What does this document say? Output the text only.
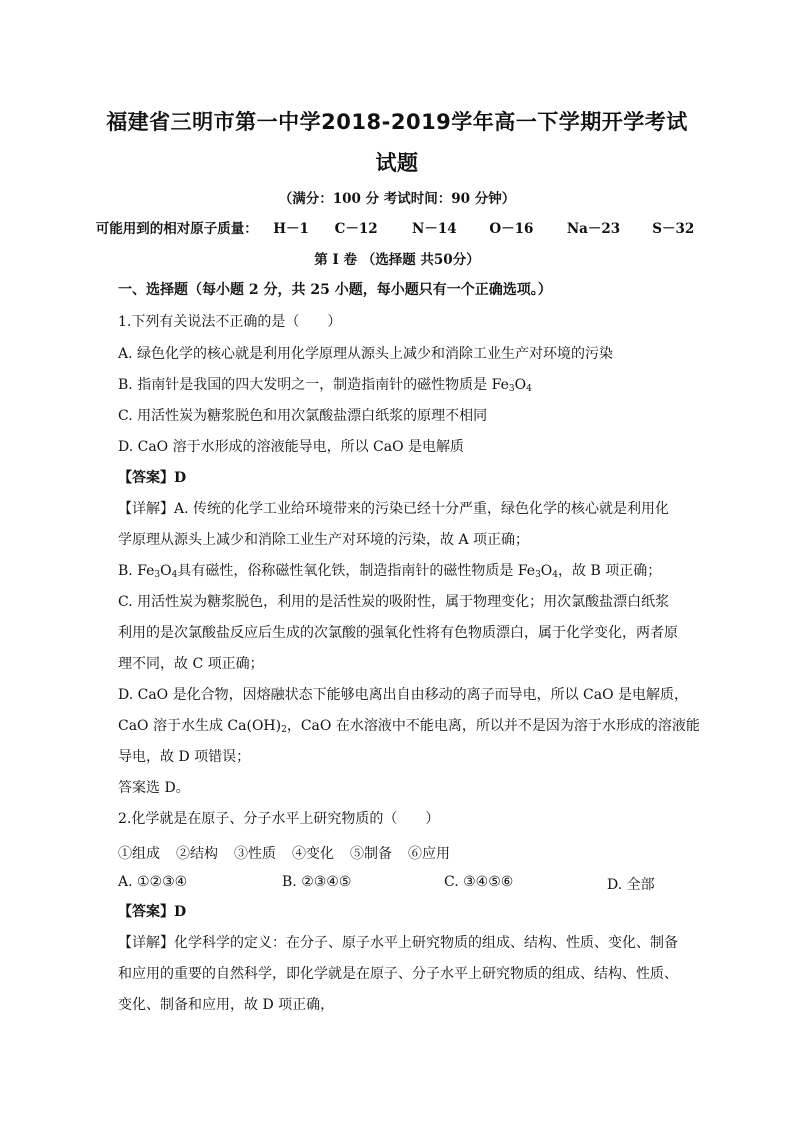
福建省三明市第一中学2018-2019学年高一下学期开学考试
试题
（满分：100 分 考试时间：90 分钟）
可能用到的相对原子质量： H－1 C－12	N－14 O－16 Na－23 S－32
第 I 卷 （选择题 共50分）
一、选择题（每小题 2 分，共 25 小题，每小题只有一个正确选项。）
1.下列有关说法不正确的是（　　）
A. 绿色化学的核心就是利用化学原理从源头上减少和消除工业生产对环境的污染
B. 指南针是我国的四大发明之一，制造指南针的磁性物质是 $Fe_3O_4$
C. 用活性炭为糖浆脱色和用次氯酸盐漂白纸浆的原理不相同
D. CaO 溶于水形成的溶液能导电，所以 CaO 是电解质
【答案】D
【详解】A. 传统的化学工业给环境带来的污染已经十分严重，绿色化学的核心就是利用化
学原理从源头上减少和消除工业生产对环境的污染，故 A 项正确；
B. $Fe_3O_4$具有磁性，俗称磁性氧化铁，制造指南针的磁性物质是 $Fe_3O_4$，故 B 项正确；
C. 用活性炭为糖浆脱色，利用的是活性炭的吸附性，属于物理变化；用次氯酸盐漂白纸浆
利用的是次氯酸盐反应后生成的次氯酸的强氧化性将有色物质漂白，属于化学变化，两者原
理不同，故 C 项正确；
D. CaO 是化合物，因熔融状态下能够电离出自由移动的离子而导电，所以 CaO 是电解质，
CaO 溶于水生成 $Ca(OH)_2$，CaO 在水溶液中不能电离，所以并不是因为溶于水形成的溶液能
导电，故 D 项错误；
答案选 D。
2.化学就是在原子、分子水平上研究物质的（　　）
①组成 ②结构 ③性质 ④变化 ⑤制备 ⑥应用
A. ①②③④	B. ②③④⑤	C. ③④⑤⑥	D. 全部
【答案】D
【详解】化学科学的定义：在分子、原子水平上研究物质的组成、结构、性质、变化、制备
和应用的重要的自然科学，即化学就是在原子、分子水平上研究物质的组成、结构、性质、
变化、制备和应用，故 D 项正确，
